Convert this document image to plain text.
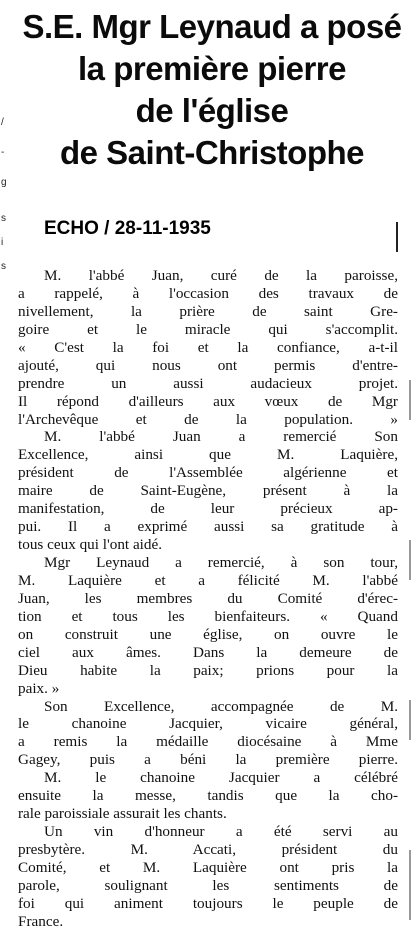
/
-
g
s
i
s
S.E. Mgr Leynaud a posé
la première pierre
de l'église
de Saint-Christophe
ECHO / 28-11-1935
M. l'abbé Juan, curé de la paroisse,
a rappelé, à l'occasion des travaux de
nivellement, la prière de saint Gre-
goire et le miracle qui s'accomplit.
« C'est la foi et la confiance, a-t-il
ajouté, qui nous ont permis d'entre-
prendre un aussi audacieux projet.
Il répond d'ailleurs aux vœux de Mgr
l'Archevêque et de la population. »
M. l'abbé Juan a remercié Son
Excellence, ainsi que M. Laquière,
président de l'Assemblée algérienne et
maire de Saint-Eugène, présent à la
manifestation, de leur précieux ap-
pui. Il a exprimé aussi sa gratitude à
tous ceux qui l'ont aidé.
Mgr Leynaud a remercié, à son tour,
M. Laquière et a félicité M. l'abbé
Juan, les membres du Comité d'érec-
tion et tous les bienfaiteurs. « Quand
on construit une église, on ouvre le
ciel aux âmes. Dans la demeure de
Dieu habite la paix; prions pour la
paix. »
Son Excellence, accompagnée de M.
le chanoine Jacquier, vicaire général,
a remis la médaille diocésaine à Mme
Gagey, puis a béni la première pierre.
M. le chanoine Jacquier a célébré
ensuite la messe, tandis que la cho-
rale paroissiale assurait les chants.
Un vin d'honneur a été servi au
presbytère. M. Accati, président du
Comité, et M. Laquière ont pris la
parole, soulignant les sentiments de
foi qui animent toujours le peuple de
France.
